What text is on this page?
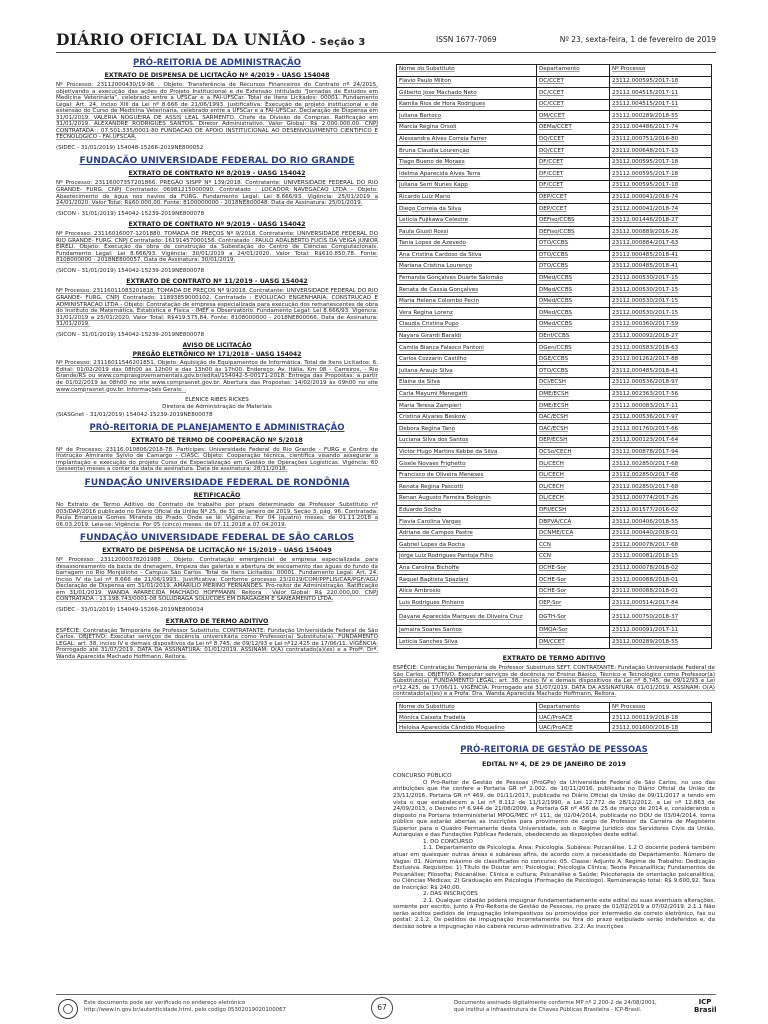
DIÁRIO OFICIAL DA UNIÃO - Seção 3	ISSN 1677-7069	Nº 23, sexta-feira, 1 de fevereiro de 2019
PRÓ-REITORIA DE ADMINISTRAÇÃO
EXTRATO DE DISPENSA DE LICITAÇÃO Nº 4/2019 - UASG 154048
Nº Processo: 23112000430/19-96 . Objeto: Transferência de Recursos Financeiros do Contrato nº 24/2015, objetivando a execução das ações do Projeto Institucional e de Extensão intitulado "Jornadas de Estudos em Medicina Veterinária", celebrado entre a UFSCar e a FAI-UFSCar. Total de Itens Licitados: 00001. Fundamento Legal: Art. 24, inciso XIII da Lei nº 8.666 de 21/06/1993. Justificativa: Execução de projeto institucional e de extensão do Curso de Medicina Veterinária, celebrado entre a UFSCar e a FAI-UFSCar. Declaração de Dispensa em 31/01/2019. VALERIA NOGUEIRA DE ASSIS LEAL SARMENTO. Chefe da Divisão de Compras. Ratificação em 31/01/2019. ALEXANDRE RODRIGUES SANTOS. Diretor Administrativo. Valor Global: R$ 2.000.000,00. CNPJ CONTRATADA : 07.501.335/0001-80 FUNDACAO DE APOIO INSTITUCIONAL AO DESENVOLVIMENTO CIENTIFICO E TECNOLOGICO - FAI.UFSCAR.
(SIDEC - 31/01/2019) 154048-15266-2019NE800052
FUNDAÇÃO UNIVERSIDADE FEDERAL DO RIO GRANDE
EXTRATO DE CONTRATO Nº 8/2019 - UASG 154042
Nº Processo: 23116007357201866. PREGÃO SISPP Nº 139/2018. Contratante: UNIVERSIDADE FEDERAL DO RIO GRANDE- FURG. CNPJ Contratado: 06981215000090. Contratado : LOCADOR NAVEGACAO LTDA - Objeto: Abastecimento de água nos navios da FURG. Fundamento Legal: Lei 8.666/93. Vigência: 25/01/2019 a 24/01/2020. Valor Total: R$60.000,00. Fonte: 8100000000 - 2018NE800048. Data de Assinatura: 25/01/2019.
(SICON - 31/01/2019) 154042-15239-2019NE800078
EXTRATO DE CONTRATO Nº 9/2019 - UASG 154042
Nº Processo: 23116016007-1201880. TOMADA DE PREÇOS Nº 9/2018. Contratante: UNIVERSIDADE FEDERAL DO RIO GRANDE- FURG. CNPJ Contratado: 16191457000156. Contratado : PAULO ADALBERTO FUCIS DA VEIGA JUNIOR EIRELI. Objeto: Execução da obra de construção da Subestação do Centro de Ciências Computacionais. Fundamento Legal: Lei 8.666/93. Vigência: 30/01/2019 a 24/01/2020. Valor Total: R$610.850,78. Fonte: 8108000000 - 2018NE800057. Data de Assinatura: 30/01/2019.
(SICON - 31/01/2019) 154042-15239-2019NE800078
EXTRATO DE CONTRATO Nº 11/2019 - UASG 154042
Nº Processo: 23116011083201818. TOMADA DE PREÇOS Nº 9/2018. Contratante: UNIVERSIDADE FEDERAL DO RIO GRANDE- FURG. CNPJ Contratado: 11893859000102. Contratado : EVOLUCAO ENGENHARIA, CONSTRUCAO E ADMINISTRACAO LTDA - Objeto: Contratação de empresa especializada para execução dos remanescentes de obra do Instituto de Matemática, Estatística e Física - IMEF e Observatório. Fundamento Legal: Lei 8.666/93. Vigência: 31/01/2019 a 25/01/2020. Valor Total: R$419.575,84. Fonte: 8108000000 - 2018NE800066. Data de Assinatura: 31/01/2019.
(SICON - 31/01/2019) 154042-15239-2019NE800078
AVISO DE LICITAÇÃO
PREGÃO ELETRÔNICO Nº 171/2018 - UASG 154042
Nº Processo: 23116011546201851. Objeto: Aquisição de Equipamentos de Informática. Total de Itens Licitados: 6. Edital: 01/02/2019 das 08h00 às 12h00 e das 13h00 às 17h00. Endereço: Av. Itália, Km 08 - Carreiros, - Rio Grande/RS ou www.comprasgovernamentais.gov.br/edital/154042-5-00171-2018. Entrega das Propostas: a partir de 01/02/2019 às 08h00 no site www.comprasnet.gov.br. Abertura das Propostas: 14/02/2019 às 09h00 no site www.comprasnet.gov.br. Informações Gerais: .
ELENICE RIBES RICKES
Diretora de Administração de Materiais
(SIASGnet - 31/01/2019) 154042-15239-2019NE800078
PRÓ-REITORIA DE PLANEJAMENTO E ADMINISTRAÇÃO
EXTRATO DE TERMO DE COOPERAÇÃO Nº 5/2018
Nº de Processo: 23116.010806/2018-78. Partícipes: Universidade Federal do Rio Grande - FURG e Centro de Instrução Almirante Sylvio de Camargo - CIASC. Objeto: Cooperação técnica, científica visando assegurar a implantação e execução do projeto Curso de Especialização em Gestão de Operações Logísticas. Vigência: 60 (sessenta) meses a contar da data de assinatura. Data de assinatura: 28/11/2018.
FUNDAÇÃO UNIVERSIDADE FEDERAL DE RONDÔNIA
RETIFICAÇÃO
No Extrato de Termo Aditivo do Contrato de trabalho por prazo determinado de Professor Substituto nº 003/DAP/2016 publicado no Diário Oficial da União Nº 25, de 31 de janeiro de 2019, Seção 3, pág. 96. Contratada: Paula Emanuela Gomes Miranda do Prado. Onde se lê: Vigência: Por 04 (quatro) meses: de 01.11.2018 a 06.03.2019. Leia-se: Vigência: Por 05 (cinco) meses: de 07.11.2018 a 07.04.2019.
FUNDAÇÃO UNIVERSIDADE FEDERAL DE SÃO CARLOS
EXTRATO DE DISPENSA DE LICITAÇÃO Nº 15/2019 - UASG 154049
Nº Processo: 23112000378201988 . Objeto: Contratação emergencial de empresa especializada para desassoreamento da bacia de drenagem, limpeza das galerias e abertura de escoamento das águas do fundo da barragem no Rio Monjolinho - Campus São Carlos. Total de Itens Licitados: 00001. Fundamento Legal: Art. 24, Inciso IV da Lei nº 8.666 de 21/06/1993.. Justificativa: Conforme processo 23/2019/COM/PPFLIS/CAR/PGF/AGU Declaração de Dispensa em 31/01/2019. AMARILIO MERINO FERNANDES. Pró-reitor de Administração. Ratificação em 31/01/2019. WANDA APARECIDA MACHADO HOFFMANN. Reitora . Valor Global: R$ 220.000,00. CNPJ CONTRATADA : 13.198.743/0001-08 SOLUDRAGA SOLUCOES EM DRAGAGEM E SANEAMENTO LTDA.
(SIDEC - 31/01/2019) 154049-15266-2019NE800034
EXTRATO DE TERMO ADITIVO
ESPÉCIE: Contratação Temporária de Professor Substituto. CONTRATANTE: Fundação Universidade Federal de São Carlos. OBJETIVO: Executar serviços de docência universitária como Professor(a) Substituto(a). FUNDAMENTO LEGAL: art. 38, inciso IV e demais dispositivos da Lei nº 8.745, de 09/12/93 e Lei nº12.425 de 17/06/11. VIGÊNCIA: Prorrogado até 31/07/2019. DATA DA ASSINATURA: 01/01/2019. ASSINAM: O(A) contratado(a)(es) e a Profª. Drª. Wanda Aparecida Machado Hoffmann, Reitora.
Nome do Substituto	Departamento	Nº Processo
Flavio Paulo Milton	DC/CCET	23112.000595/2017-18
Gilberto Jose Machado Neto	DC/CCET	23112.004515/2017-11
Kamila Rios de Hora Rodrigues	DC/CCET	23112.004515/2017-11
Juliana Bertoco	DM/CCET	23112.000289/2018-55
Marcia Regina Orsoli	DEMa/CCET	23112.004486/2017-74
Alessandra Alves Correia Farrer	DQ/CCET	23112.000751/2016-80
Bruna Claudia Lourenção	DQ/CCET	23112.000648/2017-13
Tiago Bueno de Moraes	DF/CCET	23112.000595/2017-18
Idelma Aparecida Alves Terra	DF/CCET	23112.000595/2017-18
Juliana Serri Nunes Kapp	DF/CCET	23112.000595/2017-18
Ricardo Luiz Mario	DEP/CCET	23112.000041/2018-74
Diego Correia da Silva	DEP/CCET	23112.000041/2018-74
Letícia Fujikawa Celestre	DEFiso/CCBS	23112.001446/2018-27
Paula Giusti Rossi	DEFiso/CCBS	23112.000889/2016-26
Tania Lopes de Azevedo	DTO/CCBS	23112.000884/2017-63
Ana Cristina Cardoso da Silva	DTO/CCBS	23112.000485/2018-41
Mariana Cristina Lourenço	DTO/CCBS	23112.000485/2018-41
Fernanda Gonçalves Duarte Salomão	DMed/CCBS	23112.000530/2017-15
Renata de Cassia Gonçalves	DMed/CCBS	23112.000530/2017-15
Maria Helena Colombo Pecin	DMed/CCBS	23112.000530/2017-15
Vera Regina Lorenz	DMed/CCBS	23112.000530/2017-15
Claudia Cristina Pupo	DMed/CCBS	23112.000360/2017-59
Nayara Girardi Baraldi	DEnf/CCBS	23112.000092/2018-27
Camila Bianca Falasco Pantoni	DGen/CCBS	23112.000583/2018-63
Carlos Cozzarin Castilho	DGE/CCBS	23112.001262/2017-88
Juliana Araujo Silva	DTO/CCBS	23112.000485/2018-41
Elaine da Silva	DCI/ECSH	23112.000536/2018-97
Carla Mayumi Menegatti	DME/ECSH	23112.002363/2017-56
Maria Teresa Zampieri	DME/ECSH	23112.000083/2017-11
Cristina Alvares Beskow	DAC/ECSH	23112.000536/2017-97
Debora Regina Tano	DAC/ECSH	23112.001760/2017-66
Luciana Silva dos Santos	DEP/ECSH	23112.000123/2017-64
Victor Hugo Martins Kebbe da Silva	DCSo/CECH	23112.000878/2017-94
Gisele Novaes Frighetto	DL/CECH	23112.002850/2017-68
Francisco de Oliveira Meneses	DL/CECH	23112.002850/2017-68
Renata Regina Pascotti	DL/CECH	23112.002850/2017-68
Renan Augusto Ferreira Bolognin	DL/CECH	23112.000774/2017-26
Eduardo Socha	DFil/ECSH	23112.001577/2016-02
Flavia Carolina Vargas	DBPVA/CCA	23112.000406/2018-55
Adriane de Campos Pastre	DCNME/CCA	23112.000440/2018-01
Gabriel Lopes da Rocha	CCN	23112.000078/2017-68
Jorge Luiz Rodrigues Pantoja Filho	CCN	23112.000081/2018-15
Ana Carolina Bichoffe	DCHE-Sor	23112.000078/2018-02
Raquel Baptista Spaziani	DCHE-Sor	23112.000088/2018-01
Alice Ambrosio	DCHE-Sor	23112.000088/2018-01
Luis Rodrigues Pinheiro	DEP-Sor	23112.000514/2017-84
Dayane Aparecida Marques de Oliveira Cruz	DGTH-Sor	23112.000750/2018-37
Jamaira Soares Santos	DMQA-Sor	23112.000091/2017-11
Leticia Sanches Silva	DM/CCET	23112.000289/2018-55
EXTRATO DE TERMO ADITIVO
ESPÉCIE: Contratação Temporária de Professor Substituto SEFT. CONTRATANTE: Fundação Universidade Federal de São Carlos. OBJETIVO: Executar serviços de docência no Ensino Básico, Técnico e Tecnológico como Professor(a) Substituto(a). FUNDAMENTO LEGAL: art. 38, inciso IV e demais dispositivos da Lei nº 8.745, de 09/12/93 e Lei nº12.425, de 17/06/11. VIGÊNCIA: Prorrogado até 31/07/2019. DATA DA ASSINATURA: 01/01/2019. ASSINAM: O(A) contratado(a)(es) e a Profa. Dra. Wanda Aparecida Machado Hoffmann, Reitora.
Nome do Substituto	Departamento	Nº Processo
Mônica Caixeta Fradella	UAC/ProACE	23112.000119/2018-18
Heloisa Aparecida Cândido Moquelino	UAC/ProACE	23112.001600/2018-18
PRÓ-REITORIA DE GESTÃO DE PESSOAS
EDITAL Nº 4, DE 29 DE JANEIRO DE 2019
CONCURSO PÚBLICO
O Pró-Reitor de Gestão de Pessoas (ProGPe) da Universidade Federal de São Carlos, no uso das atribuições que lhe confere a Portaria GR nº 2.002, de 10/11/2016, publicada no Diário Oficial da União de 23/11/2016, Portaria GR nº 469, de 01/11/2017, publicada no Diário Oficial da União de 09/11/2017 e tendo em vista o que estabelecem a Lei nº 8.112 de 11/12/1990, a Lei 12.772 de 28/12/2012, a Lei nº 12.863 de 24/09/2013, o Decreto nº 6.944 de 21/08/2009, a Portaria GR nº 456 de 25 de março de 2014 e, considerando o disposto na Portaria Interministerial MPOG/MEC nº 111, de 02/04/2014, publicada no DOU de 03/04/2014, torna público que estarão abertas as inscrições para provimento de cargo de Professor da Carreira de Magistério Superior para o Quadro Permanente desta Universidade, sob o Regime Jurídico dos Servidores Civis da União, Autarquias e das Fundações Públicas Federais, obedecendo as disposições deste edital.
1. DO CONCURSO
1.1. Departamento de Psicologia. Área: Psicologia. Subárea: Psicanálise. 1.2 O docente poderá também atuar em quaisquer outras áreas e subáreas afins, de acordo com a necessidade do Departamento. Número de Vagas: 01. Número máximo de classificados no concurso: 05. Classe: Adjunto A. Regime de Trabalho: Dedicação Exclusiva. Requisitos: 1) Título de Doutor em: Psicologia; Psicologia Clínica; Teoria Psicanalítica; Fundamentos de Psicanálise; Filosofia; Psicanálise: Clínica e cultura; Psicanálise e Saúde; Psicoterapia de orientação psicanalítica, ou Ciências Médicas; 2) Graduação em Psicologia (Formação de Psicólogo). Remuneração total: R$ 9.600,92. Taxa de Inscrição: R$ 240,00.
2. DAS INSCRIÇÕES
2.1. Qualquer cidadão poderá impugnar fundamentadamente este edital ou suas eventuais alterações, somente por escrito, junto à Pró-Reitoria de Gestão de Pessoas, no prazo de 01/02/2019 a 07/02/2019. 2.1.1 Não serão aceitos pedidos de impugnação intempestivos ou promovidos por intermédio de correio eletrônico, fax ou postal. 2.1.2. Os pedidos de impugnação incorretamente ou fora do prazo estipulado serão indeferidos e, da decisão sobre a impugnação não caberá recurso administrativo. 2.2. As inscrições
Este documento pode ser verificado no endereço eletrônico
http://www.in.gov.br/autenticidade.html, pelo código 05302019020100067	67	Documento assinado digitalmente conforme MP nº 2.200-2 de 24/08/2001,
que institui a Infraestrutura de Chaves Públicas Brasileira - ICP-Brasil.
ICP
Brasil
